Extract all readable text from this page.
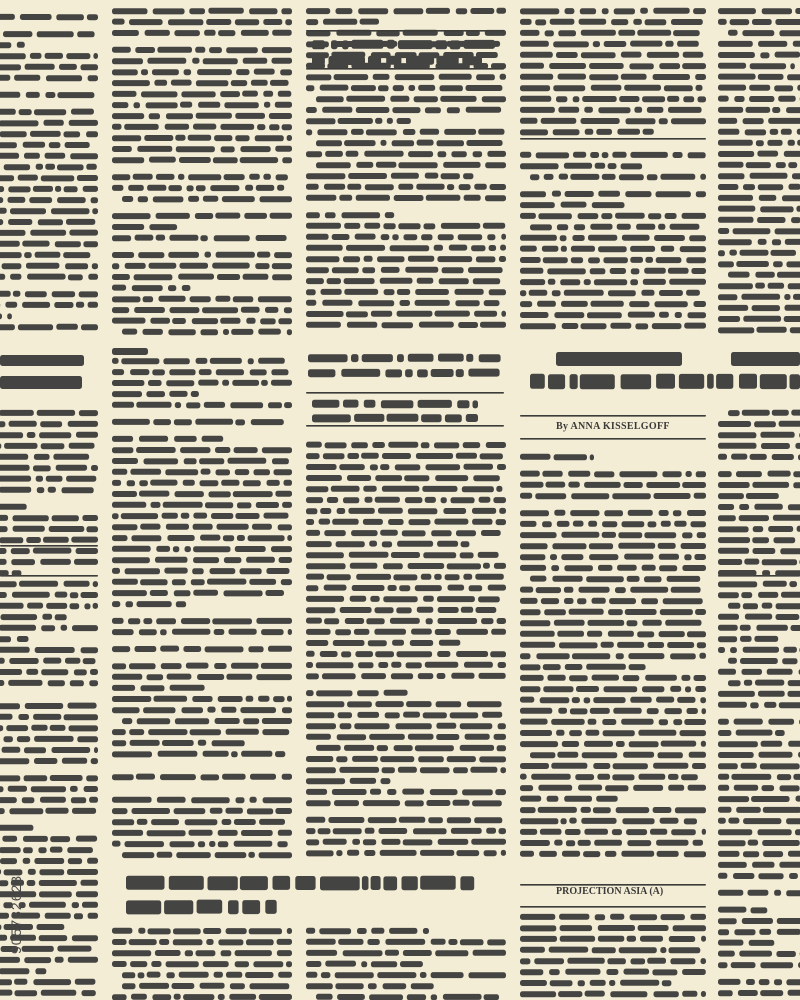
By ANNA KISSELGOFF
PROJECTION ASIA (A)
905782623
